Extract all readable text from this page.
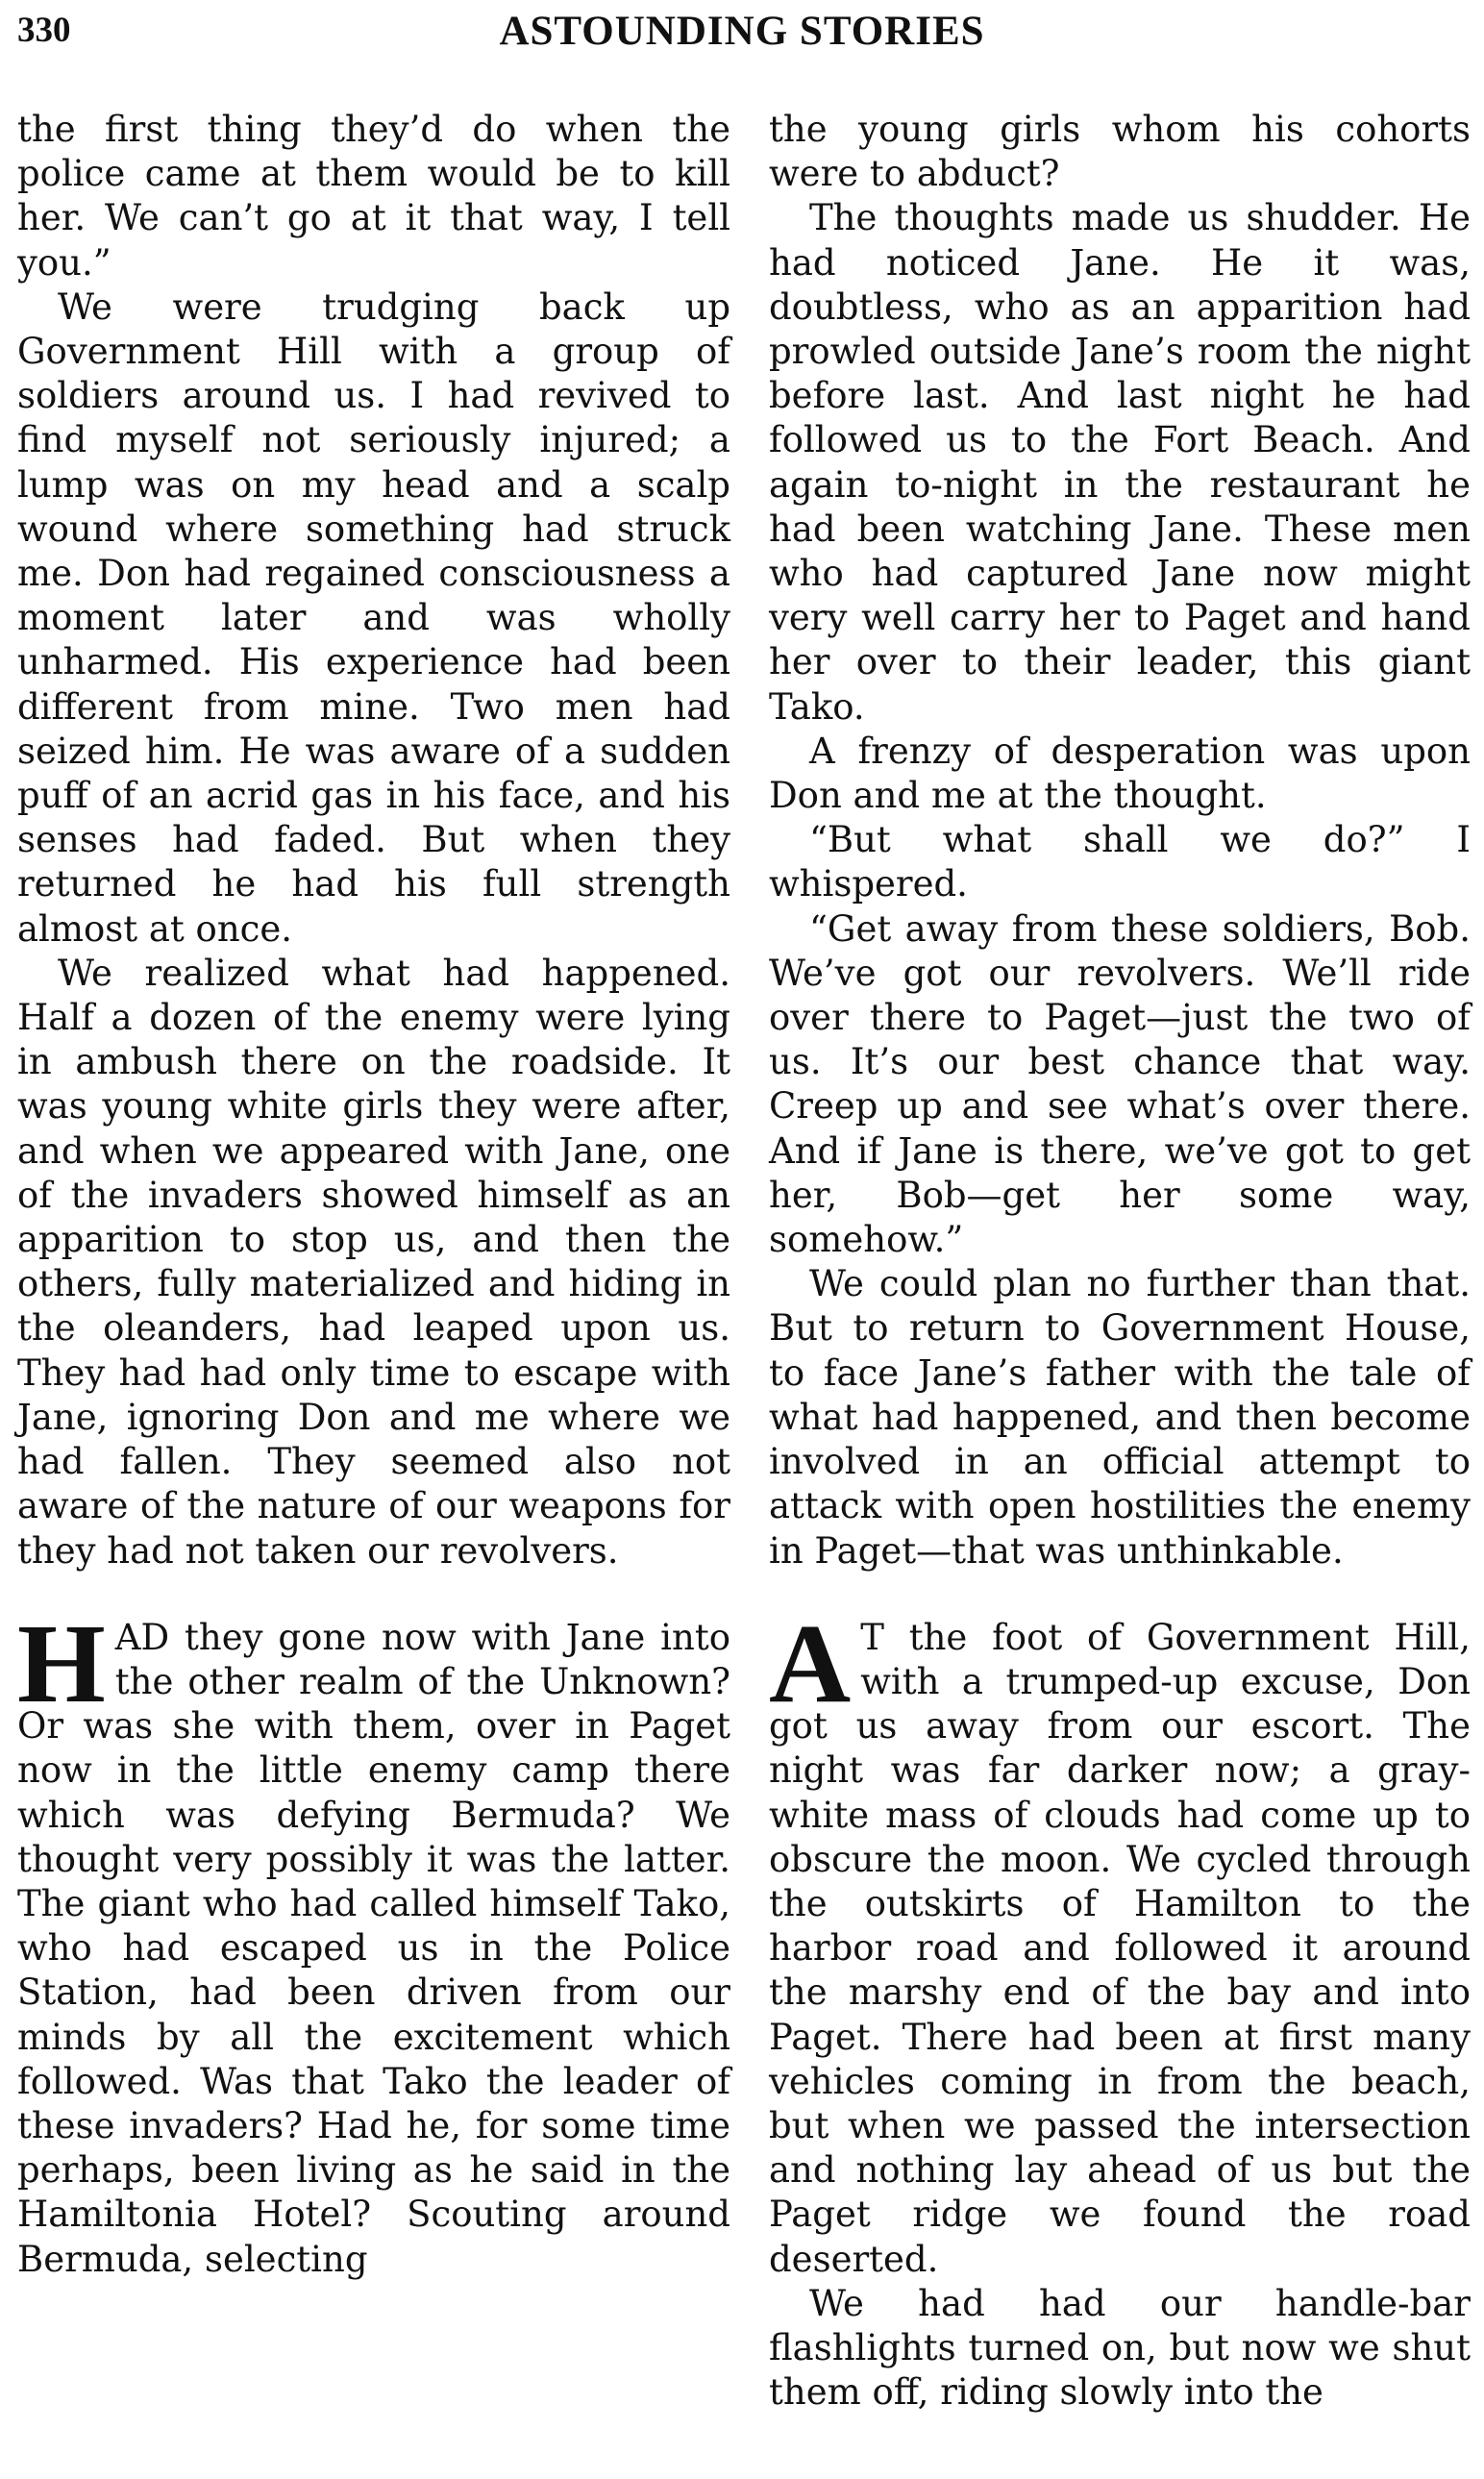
330	ASTOUNDING STORIES

the first thing they’d do when the police came at them would be to kill her. We can’t go at it that way, I tell you.”

We were trudging back up Government Hill with a group of soldiers around us. I had revived to find myself not seriously injured; a lump was on my head and a scalp wound where something had struck me. Don had regained consciousness a moment later and was wholly unharmed. His experience had been different from mine. Two men had seized him. He was aware of a sudden puff of an acrid gas in his face, and his senses had faded. But when they returned he had his full strength almost at once.

We realized what had happened. Half a dozen of the enemy were lying in ambush there on the roadside. It was young white girls they were after, and when we appeared with Jane, one of the invaders showed himself as an apparition to stop us, and then the others, fully materialized and hiding in the oleanders, had leaped upon us. They had had only time to escape with Jane, ignoring Don and me where we had fallen. They seemed also not aware of the nature of our weapons for they had not taken our revolvers.

HAD they gone now with Jane into the other realm of the Unknown? Or was she with them, over in Paget now in the little enemy camp there which was defying Bermuda? We thought very possibly it was the latter. The giant who had called himself Tako, who had escaped us in the Police Station, had been driven from our minds by all the excitement which followed. Was that Tako the leader of these invaders? Had he, for some time perhaps, been living as he said in the Hamiltonia Hotel? Scouting around Bermuda, selecting

the young girls whom his cohorts were to abduct?

The thoughts made us shudder. He had noticed Jane. He it was, doubtless, who as an apparition had prowled outside Jane’s room the night before last. And last night he had followed us to the Fort Beach. And again to-night in the restaurant he had been watching Jane. These men who had captured Jane now might very well carry her to Paget and hand her over to their leader, this giant Tako.

A frenzy of desperation was upon Don and me at the thought.

“But what shall we do?” I whispered.

“Get away from these soldiers, Bob. We’ve got our revolvers. We’ll ride over there to Paget—just the two of us. It’s our best chance that way. Creep up and see what’s over there. And if Jane is there, we’ve got to get her, Bob—get her some way, somehow.”

We could plan no further than that. But to return to Government House, to face Jane’s father with the tale of what had happened, and then become involved in an official attempt to attack with open hostilities the enemy in Paget—that was unthinkable.

A T the foot of Government Hill, with a trumped-up excuse, Don got us away from our escort. The night was far darker now; a gray-white mass of clouds had come up to obscure the moon. We cycled through the outskirts of Hamilton to the harbor road and followed it around the marshy end of the bay and into Paget. There had been at first many vehicles coming in from the beach, but when we passed the intersection and nothing lay ahead of us but the Paget ridge we found the road deserted.

We had had our handle-bar flashlights turned on, but now we shut them off, riding slowly into the
